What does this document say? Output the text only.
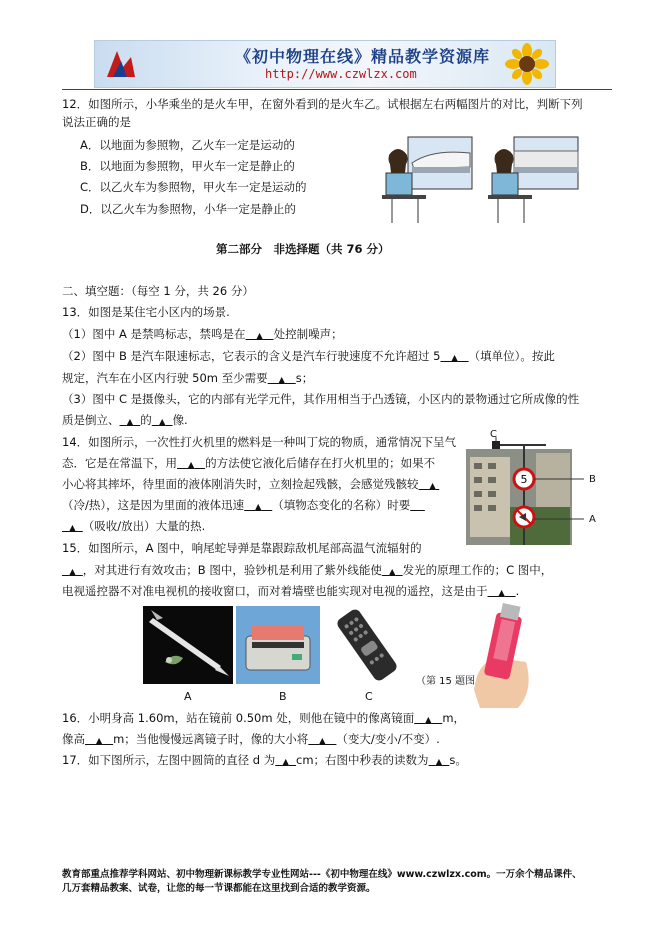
《初中物理在线》精品教学资源库
http://www.czwlzx.com
12．如图所示，小华乘坐的是火车甲，在窗外看到的是火车乙。试根据左右两幅图片的对比，判断下列
说法正确的是
A．以地面为参照物，乙火车一定是运动的
B．以地面为参照物，甲火车一定是静止的
C．以乙火车为参照物，甲火车一定是运动的
D．以乙火车为参照物，小华一定是静止的
第二部分　非选择题（共 76 分）
二、填空题：（每空 1 分，共 26 分）
13．如图是某住宅小区内的场景.
（1）图中 A 是禁鸣标志，禁鸣是在 ▲ 处控制噪声；
（2）图中 B 是汽车限速标志，它表示的含义是汽车行驶速度不允许超过 5 ▲ （填单位）。按此
规定，汽车在小区内行驶 50m 至少需要 ▲ s；
（3）图中 C 是摄像头，它的内部有光学元件，其作用相当于凸透镜，小区内的景物通过它所成像的性
质是倒立、 ▲ 的 ▲ 像.
14．如图所示，一次性打火机里的燃料是一种叫丁烷的物质，通常情况下呈气
态．它是在常温下，用 ▲ 的方法使它液化后储存在打火机里的；如果不
小心将其摔坏，待里面的液体刚消失时，立刻捡起残骸，会感觉残骸较 ▲
（冷/热），这是因为里面的液体迅速 ▲ （填物态变化的名称）时要
▲ （吸收/放出）大量的热.
5
C
B
A
15．如图所示，A 图中，响尾蛇导弹是靠跟踪敌机尾部高温气流辐射的
▲ ，对其进行有效攻击；B 图中，验钞机是利用了紫外线能使 ▲ 发光的原理工作的；C 图中，
电视遥控器不对准电视机的接收窗口，而对着墙壁也能实现对电视的遥控，这是由于 ▲ .
A	B	C
（第 15 题图
16．小明身高 1.60m，站在镜前 0.50m 处，则他在镜中的像离镜面 ▲ m，
像高 ▲ m；当他慢慢远离镜子时，像的大小将 ▲ （变大/变小/不变）.
17．如下图所示，左图中圆筒的直径 d 为 ▲ cm；右图中秒表的读数为 ▲ s。
教育部重点推荐学科网站、初中物理新课标教学专业性网站---《初中物理在线》www.czwlzx.com。一万余个精品课件、
几万套精品教案、试卷，让您的每一节课都能在这里找到合适的教学资源。
